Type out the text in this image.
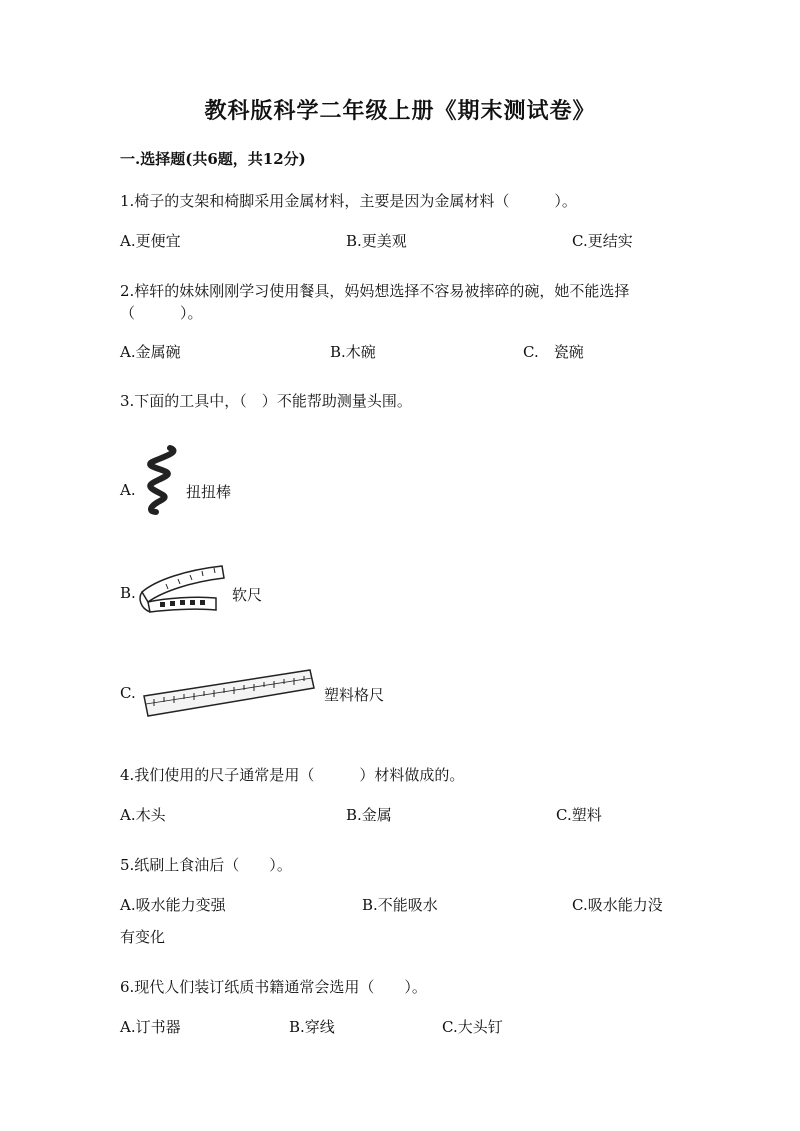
教科版科学二年级上册《期末测试卷》
一.选择题(共6题，共12分)
1.椅子的支架和椅脚采用金属材料，主要是因为金属材料（　　　）。
A.更便宜	B.更美观	C.更结实
2.梓轩的妹妹刚刚学习使用餐具，妈妈想选择不容易被摔碎的碗，她不能选择
（　　　）。
A.金属碗	B.木碗	C.　瓷碗
3.下面的工具中，（　）不能帮助测量头围。
A.	扭扭棒
B.	软尺
C.	塑料格尺
4.我们使用的尺子通常是用（　　　）材料做成的。
A.木头	B.金属	C.塑料
5.纸刷上食油后（　　）。
A.吸水能力变强	B.不能吸水	C.吸水能力没
有变化
6.现代人们装订纸质书籍通常会选用（　　）。
A.订书器	B.穿线	C.大头钉
